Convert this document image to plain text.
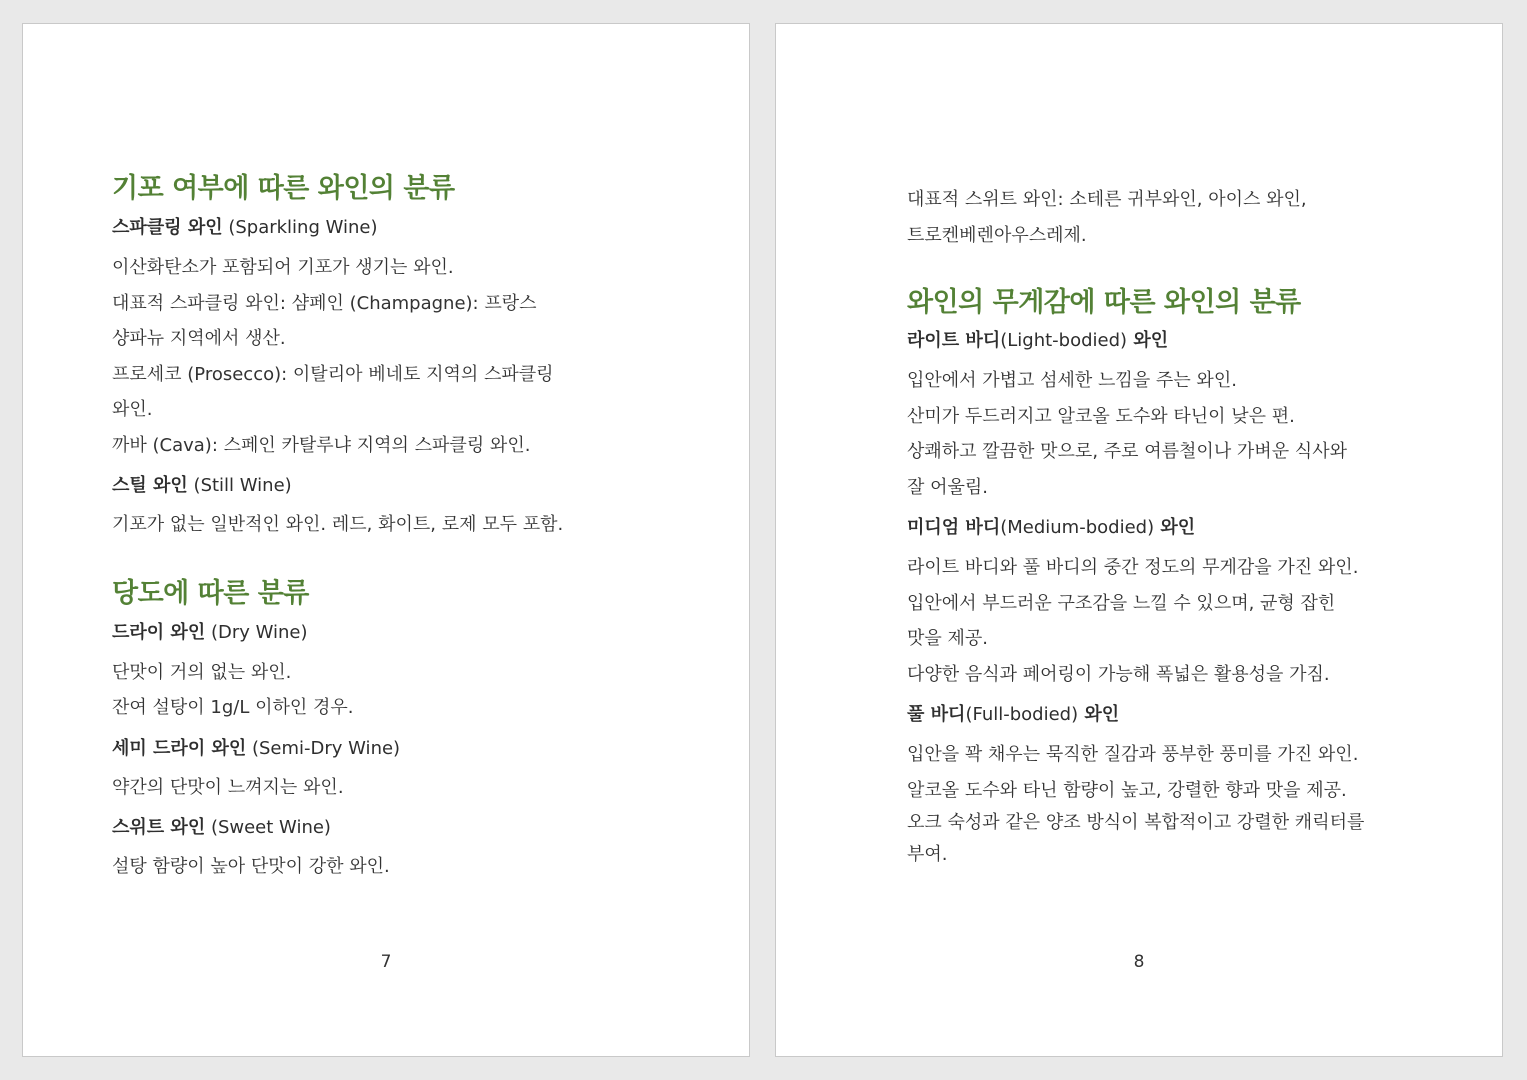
기포 여부에 따른 와인의 분류

스파클링 와인 (Sparkling Wine)

이산화탄소가 포함되어 기포가 생기는 와인.

대표적 스파클링 와인: 샴페인 (Champagne): 프랑스

샹파뉴 지역에서 생산.

프로세코 (Prosecco): 이탈리아 베네토 지역의 스파클링

와인.

까바 (Cava): 스페인 카탈루냐 지역의 스파클링 와인.

스틸 와인 (Still Wine)

기포가 없는 일반적인 와인. 레드, 화이트, 로제 모두 포함.

당도에 따른 분류

드라이 와인 (Dry Wine)

단맛이 거의 없는 와인.

잔여 설탕이 1g/L 이하인 경우.

세미 드라이 와인 (Semi-Dry Wine)

약간의 단맛이 느껴지는 와인.

스위트 와인 (Sweet Wine)

설탕 함량이 높아 단맛이 강한 와인.

7

대표적 스위트 와인: 소테른 귀부와인, 아이스 와인,

트로켄베렌아우스레제.

와인의 무게감에 따른 와인의 분류

라이트 바디(Light-bodied) 와인

입안에서 가볍고 섬세한 느낌을 주는 와인.

산미가 두드러지고 알코올 도수와 타닌이 낮은 편.

상쾌하고 깔끔한 맛으로, 주로 여름철이나 가벼운 식사와

잘 어울림.

미디엄 바디(Medium-bodied) 와인

라이트 바디와 풀 바디의 중간 정도의 무게감을 가진 와인.

입안에서 부드러운 구조감을 느낄 수 있으며, 균형 잡힌

맛을 제공.

다양한 음식과 페어링이 가능해 폭넓은 활용성을 가짐.

풀 바디(Full-bodied) 와인

입안을 꽉 채우는 묵직한 질감과 풍부한 풍미를 가진 와인.

알코올 도수와 타닌 함량이 높고, 강렬한 향과 맛을 제공.

오크 숙성과 같은 양조 방식이 복합적이고 강렬한 캐릭터를

부여.

8
